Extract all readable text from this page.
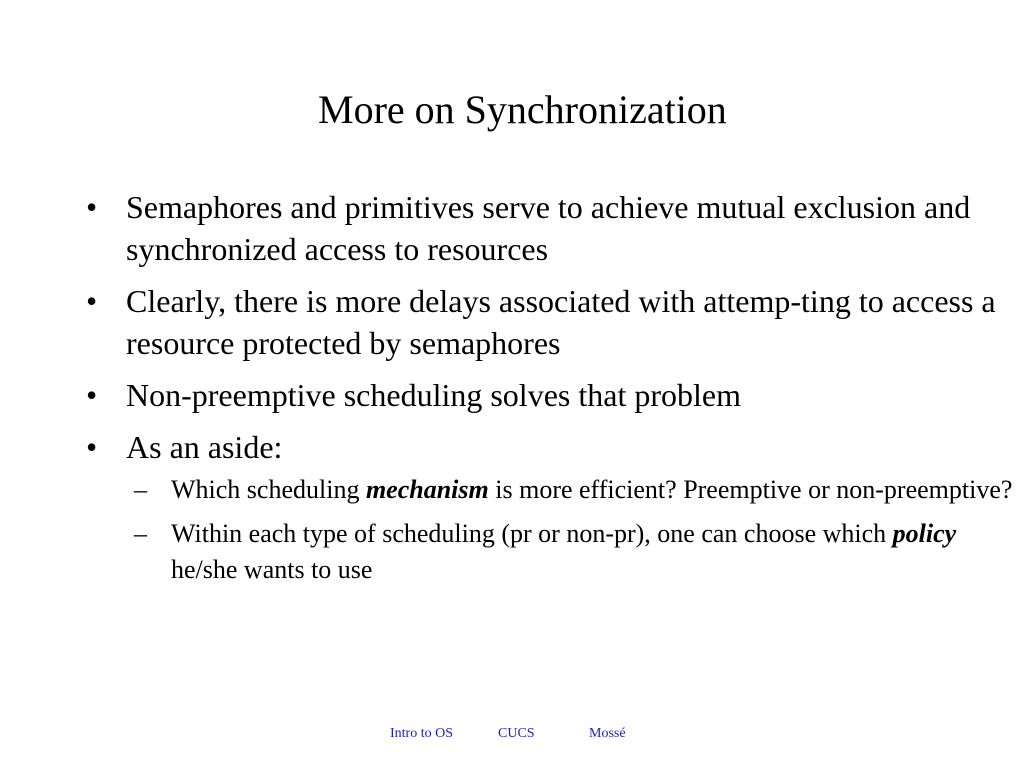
More on Synchronization
• Semaphores and primitives serve to achieve mutual exclusion and synchronized access to resources
• Clearly, there is more delays associated with attemp-ting to access a resource protected by semaphores
• Non-preemptive scheduling solves that problem
• As an aside:
– Which scheduling mechanism is more efficient? Preemptive or non-preemptive?
– Within each type of scheduling (pr or non-pr), one can choose which policy he/she wants to use
Intro to OS	CUCS	Mossé
